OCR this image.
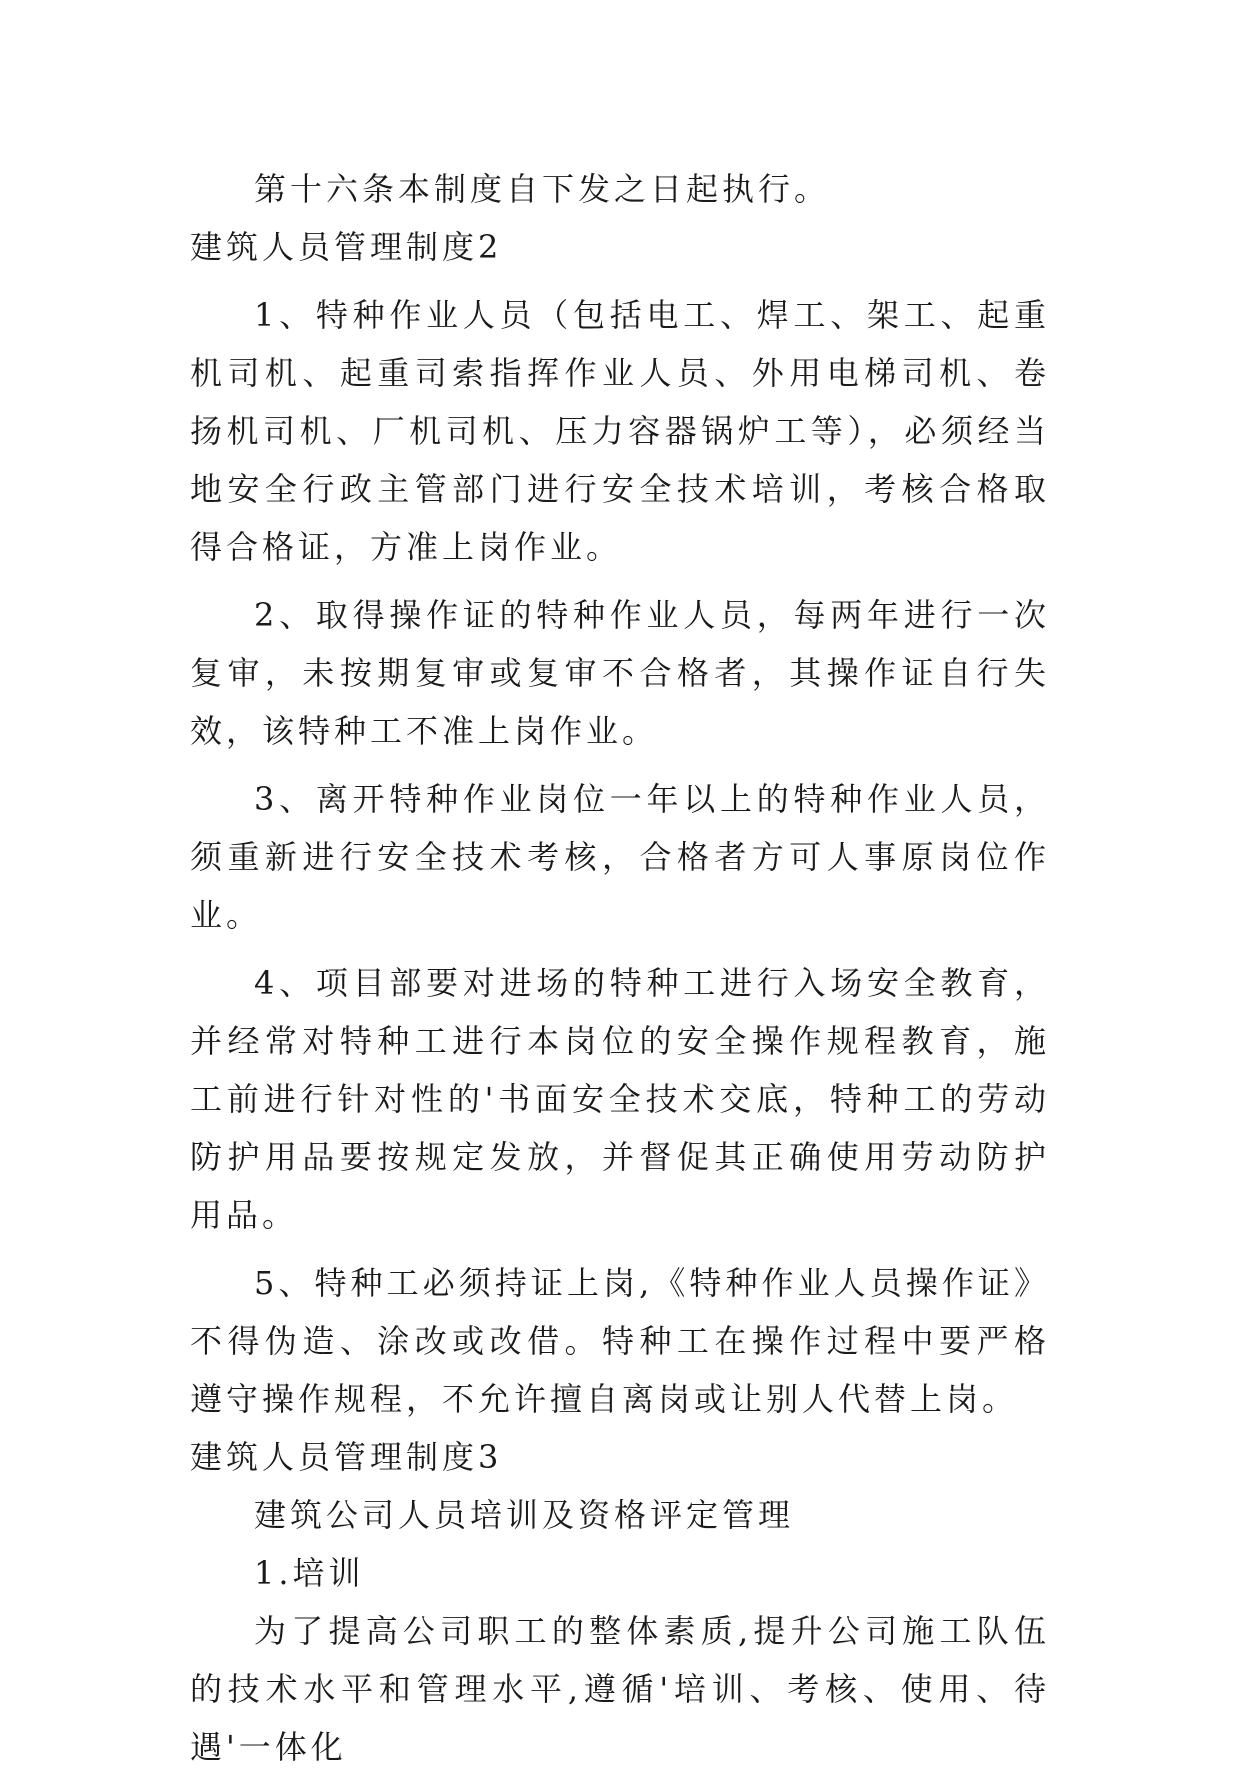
第十六条本制度自下发之日起执行。

建筑人员管理制度2

1、特种作业人员（包括电工、焊工、架工、起重机司机、起重司索指挥作业人员、外用电梯司机、卷扬机司机、厂机司机、压力容器锅炉工等），必须经当地安全行政主管部门进行安全技术培训，考核合格取得合格证，方准上岗作业。

2、取得操作证的特种作业人员，每两年进行一次复审，未按期复审或复审不合格者，其操作证自行失效，该特种工不准上岗作业。

3、离开特种作业岗位一年以上的特种作业人员，须重新进行安全技术考核，合格者方可人事原岗位作业。

4、项目部要对进场的特种工进行入场安全教育，并经常对特种工进行本岗位的安全操作规程教育，施工前进行针对性的'书面安全技术交底，特种工的劳动防护用品要按规定发放，并督促其正确使用劳动防护用品。

5、特种工必须持证上岗,《特种作业人员操作证》不得伪造、涂改或改借。特种工在操作过程中要严格遵守操作规程，不允许擅自离岗或让别人代替上岗。

建筑人员管理制度3

建筑公司人员培训及资格评定管理

1.培训

为了提高公司职工的整体素质,提升公司施工队伍的技术水平和管理水平,遵循'培训、考核、使用、待遇'一体化
